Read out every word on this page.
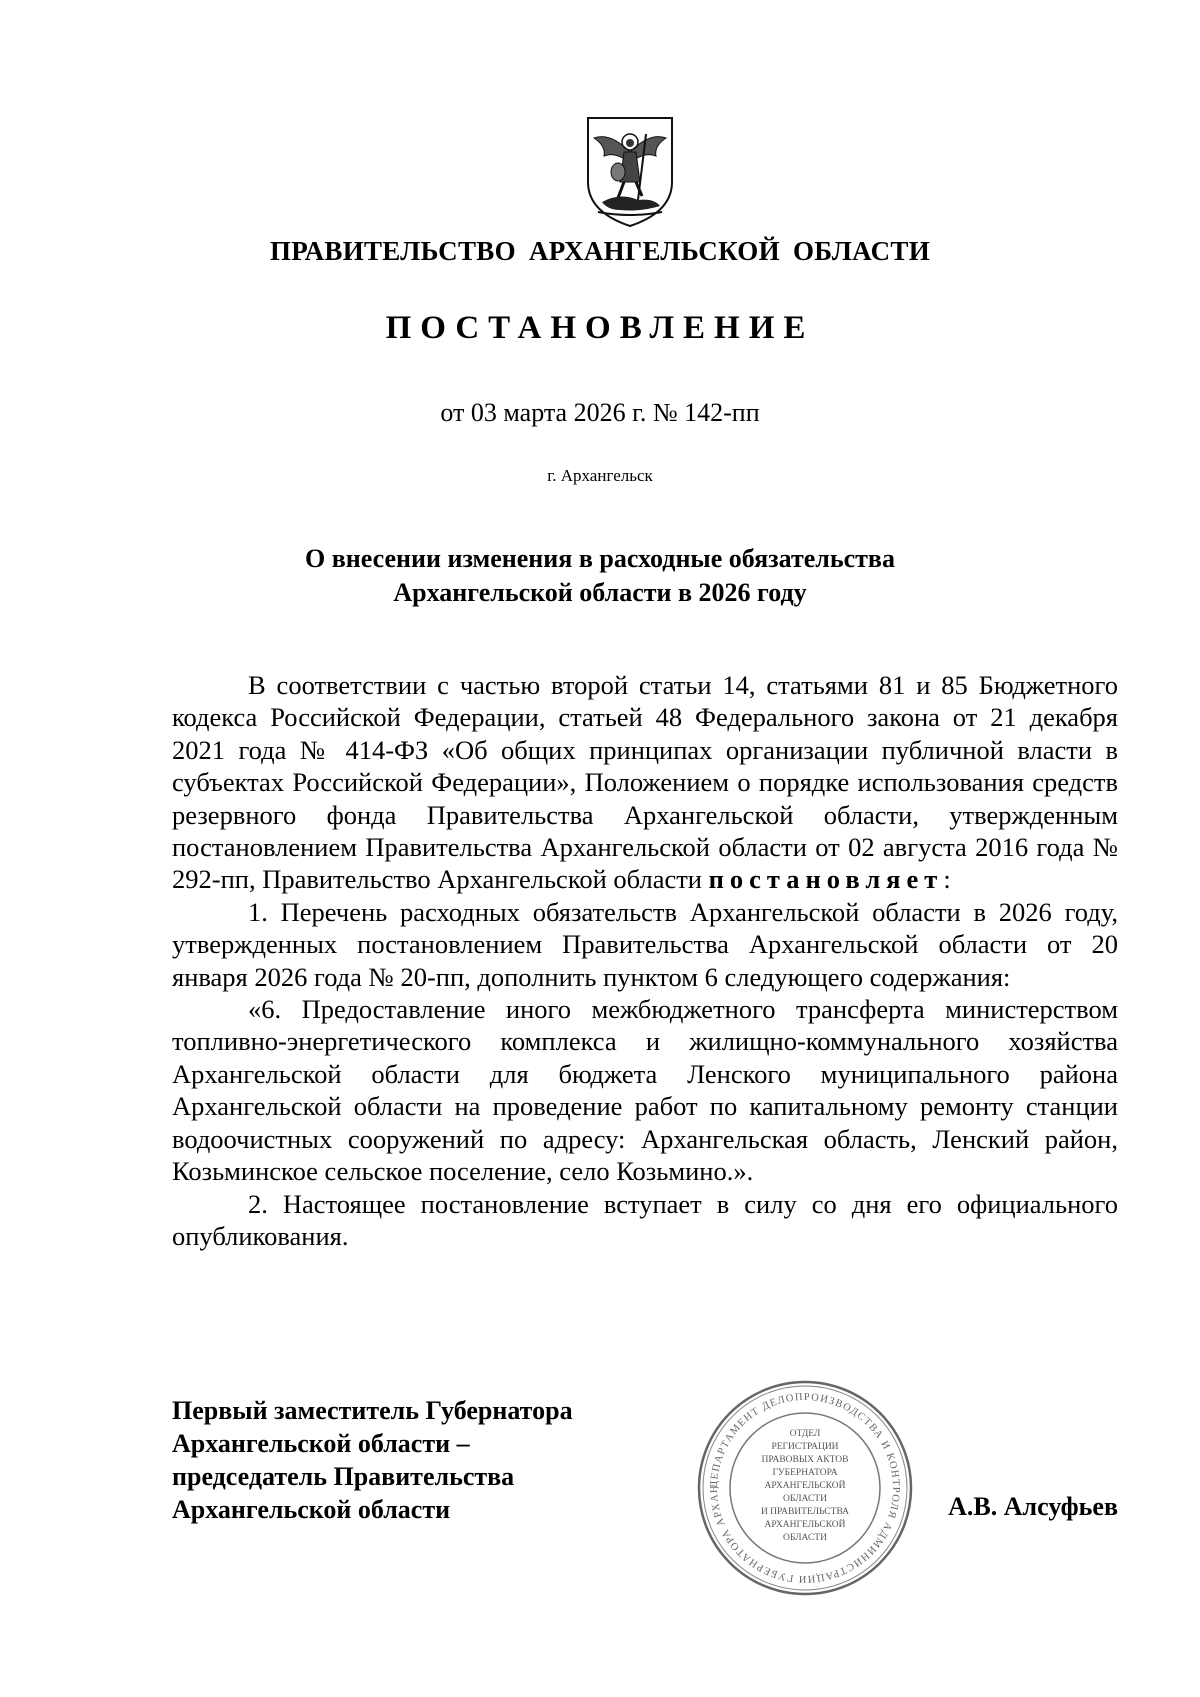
ПРАВИТЕЛЬСТВО АРХАНГЕЛЬСКОЙ ОБЛАСТИ
ПОСТАНОВЛЕНИЕ
от 03 марта 2026 г. № 142-пп
г. Архангельск
О внесении изменения в расходные обязательства
Архангельской области в 2026 году

В соответствии с частью второй статьи 14, статьями 81 и 85 Бюджетного кодекса Российской Федерации, статьей 48 Федерального закона от 21 декабря 2021 года № 414-ФЗ «Об общих принципах организации публичной власти в субъектах Российской Федерации», Положением о порядке использования средств резервного фонда Правительства Архангельской области, утвержденным постановлением Правительства Архангельской области от 02 августа 2016 года № 292-пп, Правительство Архангельской области постановляет:

1. Перечень расходных обязательств Архангельской области в 2026 году, утвержденных постановлением Правительства Архангельской области от 20 января 2026 года № 20-пп, дополнить пунктом 6 следующего содержания:

«6. Предоставление иного межбюджетного трансферта министерством топливно-энергетического комплекса и жилищно-коммунального хозяйства Архангельской области для бюджета Ленского муниципального района Архангельской области на проведение работ по капитальному ремонту станции водоочистных сооружений по адресу: Архангельская область, Ленский район, Козьминское сельское поселение, село Козьмино.».

2. Настоящее постановление вступает в силу со дня его официального опубликования.

Первый заместитель Губернатора
Архангельской области –
председатель Правительства
Архангельской области
ДЕПАРТАМЕНТ ДЕЛОПРОИЗВОДСТВА И КОНТРОЛЯ АДМИНИСТРАЦИИ ГУБЕРНАТОРА АРХАН
ОТДЕЛ
РЕГИСТРАЦИИ
ПРАВОВЫХ АКТОВ
ГУБЕРНАТОРА
АРХАНГЕЛЬСКОЙ
ОБЛАСТИ
И ПРАВИТЕЛЬСТВА
АРХАНГЕЛЬСКОЙ
ОБЛАСТИ
А.В. Алсуфьев
